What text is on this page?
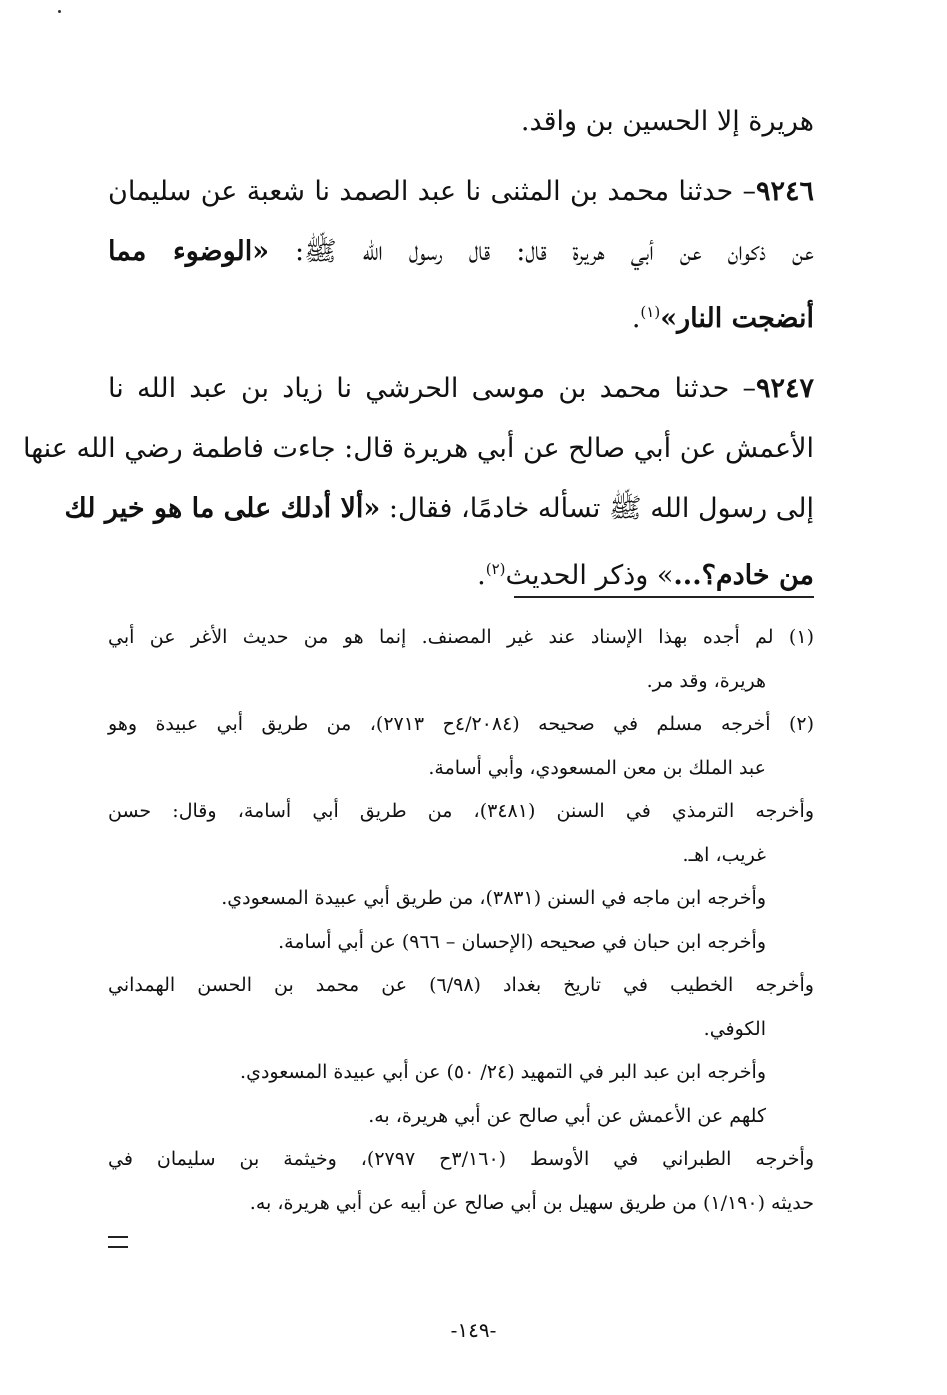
هريرة إلا الحسين بن واقد.
٩٢٤٦– حدثنا محمد بن المثنى نا عبد الصمد نا شعبة عن سليمان
عن ذكوان عن أبي هريرة قال: قال رسول الله ﷺ: «الوضوء مما
أنضجت النار»$^{(١)}$.
٩٢٤٧– حدثنا محمد بن موسى الحرشي نا زياد بن عبد الله نا
الأعمش عن أبي صالح عن أبي هريرة قال: جاءت فاطمة رضي الله عنها
إلى رسول الله ﷺ تسأله خادمًا، فقال: «ألا أدلك على ما هو خير لك
من خادم؟...» وذكر الحديث$^{(٢)}$.
(١) لم أجده بهذا الإسناد عند غير المصنف. إنما هو من حديث الأغر عن أبي
هريرة، وقد مر.
(٢) أخرجه مسلم في صحيحه (٤/٢٠٨٤ح ٢٧١٣)، من طريق أبي عبيدة وهو
عبد الملك بن معن المسعودي، وأبي أسامة.
وأخرجه الترمذي في السنن (٣٤٨١)، من طريق أبي أسامة، وقال: حسن
غريب، اهـ.
وأخرجه ابن ماجه في السنن (٣٨٣١)، من طريق أبي عبيدة المسعودي.
وأخرجه ابن حبان في صحيحه (الإحسان – ٩٦٦) عن أبي أسامة.
وأخرجه الخطيب في تاريخ بغداد (٦/٩٨) عن محمد بن الحسن الهمداني
الكوفي.
وأخرجه ابن عبد البر في التمهيد (٢٤/ ٥٠) عن أبي عبيدة المسعودي.
كلهم عن الأعمش عن أبي صالح عن أبي هريرة، به.
وأخرجه الطبراني في الأوسط (٣/١٦٠ح ٢٧٩٧)، وخيثمة بن سليمان في
حديثه (١/١٩٠) من طريق سهيل بن أبي صالح عن أبيه عن أبي هريرة، به.
-١٤٩-
